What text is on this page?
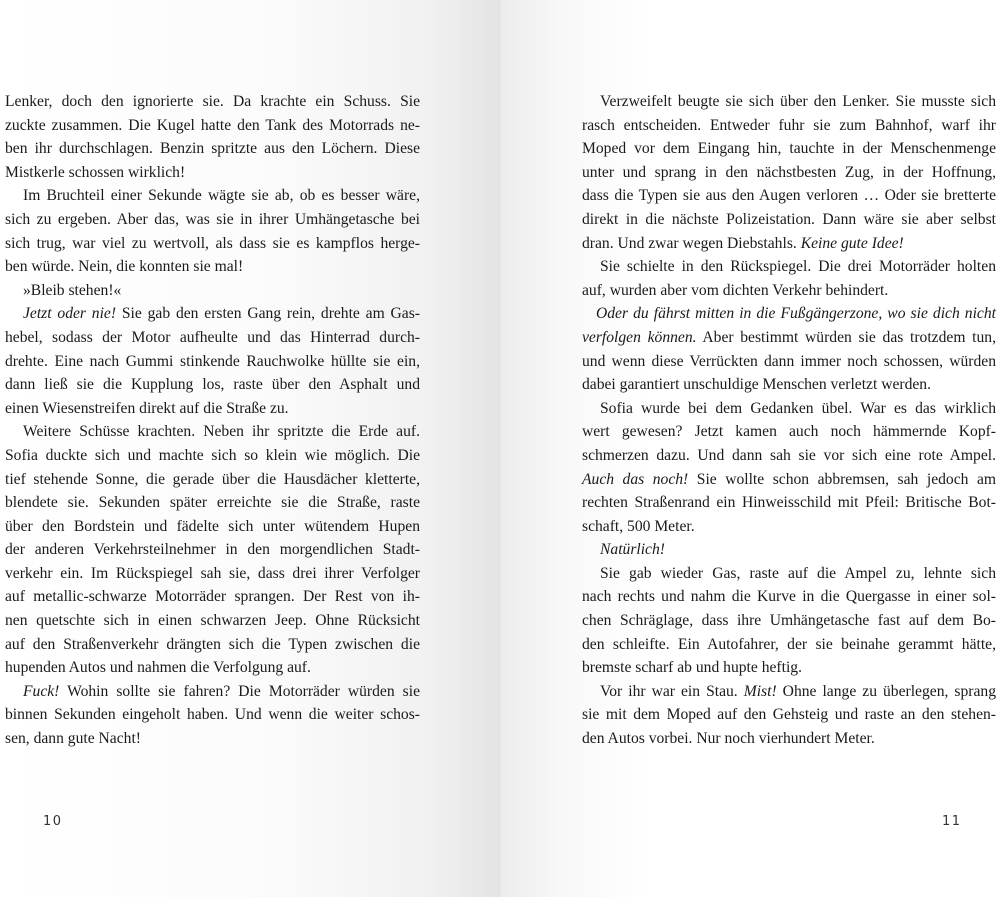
Lenker, doch den ignorierte sie. Da krachte ein Schuss. Sie
zuckte zusammen. Die Kugel hatte den Tank des Motorrads ne-
ben ihr durchschlagen. Benzin spritzte aus den Löchern. Diese
Mistkerle schossen wirklich!
Im Bruchteil einer Sekunde wägte sie ab, ob es besser wäre,
sich zu ergeben. Aber das, was sie in ihrer Umhängetasche bei
sich trug, war viel zu wertvoll, als dass sie es kampflos herge-
ben würde. Nein, die konnten sie mal!
»Bleib stehen!«
Jetzt oder nie! Sie gab den ersten Gang rein, drehte am Gas-
hebel, sodass der Motor aufheulte und das Hinterrad durch-
drehte. Eine nach Gummi stinkende Rauchwolke hüllte sie ein,
dann ließ sie die Kupplung los, raste über den Asphalt und
einen Wiesenstreifen direkt auf die Straße zu.
Weitere Schüsse krachten. Neben ihr spritzte die Erde auf.
Sofia duckte sich und machte sich so klein wie möglich. Die
tief stehende Sonne, die gerade über die Hausdächer kletterte,
blendete sie. Sekunden später erreichte sie die Straße, raste
über den Bordstein und fädelte sich unter wütendem Hupen
der anderen Verkehrsteilnehmer in den morgendlichen Stadt-
verkehr ein. Im Rückspiegel sah sie, dass drei ihrer Verfolger
auf metallic-schwarze Motorräder sprangen. Der Rest von ih-
nen quetschte sich in einen schwarzen Jeep. Ohne Rücksicht
auf den Straßenverkehr drängten sich die Typen zwischen die
hupenden Autos und nahmen die Verfolgung auf.
Fuck! Wohin sollte sie fahren? Die Motorräder würden sie
binnen Sekunden eingeholt haben. Und wenn die weiter schos-
sen, dann gute Nacht!
10
Verzweifelt beugte sie sich über den Lenker. Sie musste sich
rasch entscheiden. Entweder fuhr sie zum Bahnhof, warf ihr
Moped vor dem Eingang hin, tauchte in der Menschenmenge
unter und sprang in den nächstbesten Zug, in der Hoffnung,
dass die Typen sie aus den Augen verloren … Oder sie bretterte
direkt in die nächste Polizeistation. Dann wäre sie aber selbst
dran. Und zwar wegen Diebstahls. Keine gute Idee!
Sie schielte in den Rückspiegel. Die drei Motorräder holten
auf, wurden aber vom dichten Verkehr behindert.
Oder du fährst mitten in die Fußgängerzone, wo sie dich nicht
verfolgen können. Aber bestimmt würden sie das trotzdem tun,
und wenn diese Verrückten dann immer noch schossen, würden
dabei garantiert unschuldige Menschen verletzt werden.
Sofia wurde bei dem Gedanken übel. War es das wirklich
wert gewesen? Jetzt kamen auch noch hämmernde Kopf-
schmerzen dazu. Und dann sah sie vor sich eine rote Ampel.
Auch das noch! Sie wollte schon abbremsen, sah jedoch am
rechten Straßenrand ein Hinweisschild mit Pfeil: Britische Bot-
schaft, 500 Meter.
Natürlich!
Sie gab wieder Gas, raste auf die Ampel zu, lehnte sich
nach rechts und nahm die Kurve in die Quergasse in einer sol-
chen Schräglage, dass ihre Umhängetasche fast auf dem Bo-
den schleifte. Ein Autofahrer, der sie beinahe gerammt hätte,
bremste scharf ab und hupte heftig.
Vor ihr war ein Stau. Mist! Ohne lange zu überlegen, sprang
sie mit dem Moped auf den Gehsteig und raste an den stehen-
den Autos vorbei. Nur noch vierhundert Meter.
11
